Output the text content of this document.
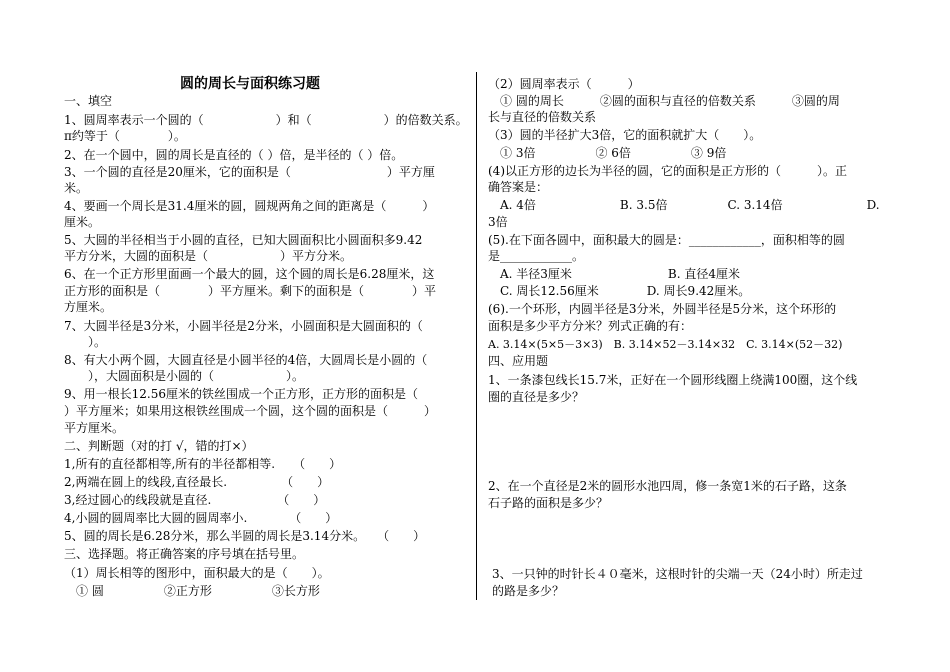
圆的周长与面积练习题
一、填空
1、圆周率表示一个圆的（　　　　　　）和（　　　　　　）的倍数关系。
π约等于（　　　　）。
2、在一个圆中，圆的周长是直径的（ ）倍，是半径的（ ）倍。
3、一个圆的直径是20厘米，它的面积是（　　　　　　　　）平方厘
米。
4、要画一个周长是31.4厘米的圆，圆规两角之间的距离是（　　　）
厘米。
5、大圆的半径相当于小圆的直径，已知大圆面积比小圆面积多9.42
平方分米，大圆的面积是（　　　　　　）平方分米。
6、在一个正方形里面画一个最大的圆，这个圆的周长是6.28厘米，这
正方形的面积是（　　　　）平方厘米。剩下的面积是（　　　　）平
方厘米。
7、大圆半径是3分米，小圆半径是2分米，小圆面积是大圆面积的（
　　）。
8、有大小两个圆，大圆直径是小圆半径的4倍，大圆周长是小圆的（
　　），大圆面积是小圆的（　　　　　　）。
9、用一根长12.56厘米的铁丝围成一个正方形，正方形的面积是（
）平方厘米；如果用这根铁丝围成一个圆，这个圆的面积是（　　　）
平方厘米。
二、判断题（对的打 √，错的打×）
1,所有的直径都相等,所有的半径都相等.　　（　　）
2,两端在圆上的线段,直径最长.　　　　　（　　）
3,经过圆心的线段就是直径.　　　　　　（　　）
4,小圆的圆周率比大圆的圆周率小.　　　　（　　）
5、圆的周长是6.28分米，那么半圆的周长是3.14分米。　　（　　）
三、选择题。将正确答案的序号填在括号里。
（1）周长相等的图形中，面积最大的是（　　）。
　① 圆　　　　　②正方形　　　　　③长方形
（2）圆周率表示（　　　）
　① 圆的周长　　　②圆的面积与直径的倍数关系　　　③圆的周
长与直径的倍数关系
（3）圆的半径扩大3倍，它的面积就扩大（　　）。
　① 3倍　　　　　② 6倍　　　　　③ 9倍
(4)以正方形的边长为半径的圆，它的面积是正方形的（　　　）。正
确答案是：
　A. 4倍　　　　　　　B. 3.5倍　　　　　C. 3.14倍　　　　　　　D.
3倍
(5).在下面各圆中，面积最大的圆是：____________，面积相等的圆
是____________。
　A. 半径3厘米　　　　　　　　B. 直径4厘米
　C. 周长12.56厘米　　　　D. 周长9.42厘米。
(6).一个环形，内圆半径是3分米，外圆半径是5分米，这个环形的
面积是多少平方分米？列式正确的有：
A. 3.14×(5×5－3×3)　B. 3.14×52－3.14×32　C. 3.14×(52－32)
四、应用题
1、一条漆包线长15.7米，正好在一个圆形线圈上绕满100圈，这个线
圈的直径是多少？
2、在一个直径是2米的圆形水池四周，修一条宽1米的石子路，这条
石子路的面积是多少？
3、一只钟的时针长４０毫米，这根时针的尖端一天（24小时）所走过
的路是多少？
